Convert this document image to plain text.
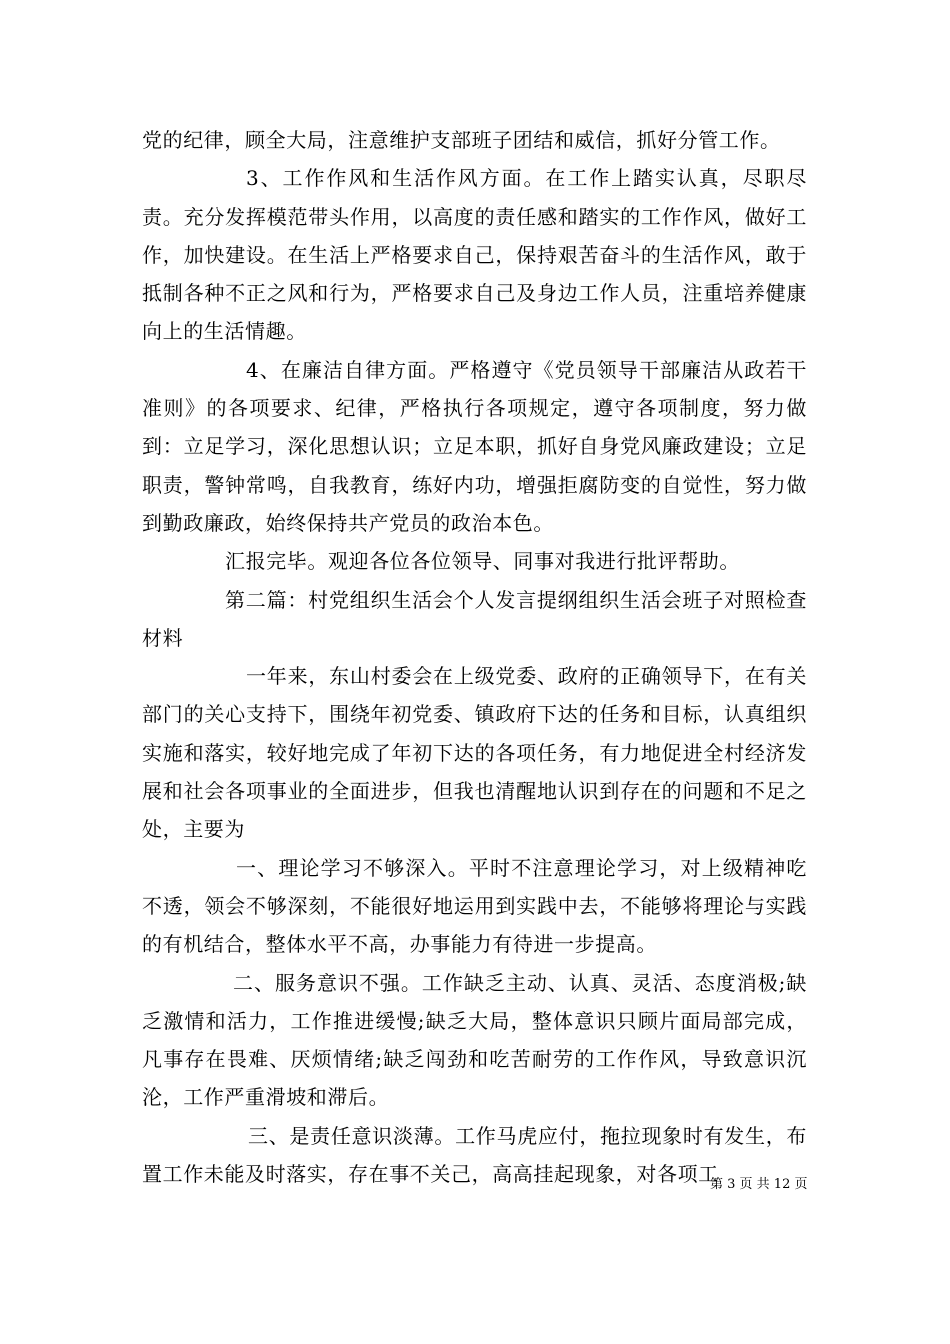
党的纪律，顾全大局，注意维护支部班子团结和威信，抓好分管工作。

3、工作作风和生活作风方面。在工作上踏实认真，尽职尽责。充分发挥模范带头作用，以高度的责任感和踏实的工作作风，做好工作，加快建设。在生活上严格要求自己，保持艰苦奋斗的生活作风，敢于抵制各种不正之风和行为，严格要求自己及身边工作人员，注重培养健康向上的生活情趣。

4、在廉洁自律方面。严格遵守《党员领导干部廉洁从政若干准则》的各项要求、纪律，严格执行各项规定，遵守各项制度，努力做到：立足学习，深化思想认识；立足本职，抓好自身党风廉政建设；立足职责，警钟常鸣，自我教育，练好内功，增强拒腐防变的自觉性，努力做到勤政廉政，始终保持共产党员的政治本色。

汇报完毕。观迎各位各位领导、同事对我进行批评帮助。

第二篇：村党组织生活会个人发言提纲组织生活会班子对照检查材料

一年来，东山村委会在上级党委、政府的正确领导下，在有关部门的关心支持下，围绕年初党委、镇政府下达的任务和目标，认真组织实施和落实，较好地完成了年初下达的各项任务，有力地促进全村经济发展和社会各项事业的全面进步，但我也清醒地认识到存在的问题和不足之处，主要为

一、理论学习不够深入。平时不注意理论学习，对上级精神吃不透，领会不够深刻，不能很好地运用到实践中去，不能够将理论与实践的有机结合，整体水平不高，办事能力有待进一步提高。

二、服务意识不强。工作缺乏主动、认真、灵活、态度消极;缺乏激情和活力，工作推进缓慢;缺乏大局，整体意识只顾片面局部完成，凡事存在畏难、厌烦情绪;缺乏闯劲和吃苦耐劳的工作作风，导致意识沉沦，工作严重滑坡和滞后。

三、是责任意识淡薄。工作马虎应付，拖拉现象时有发生，布置工作未能及时落实，存在事不关己，高高挂起现象，对各项工

第 3 页 共 12 页
